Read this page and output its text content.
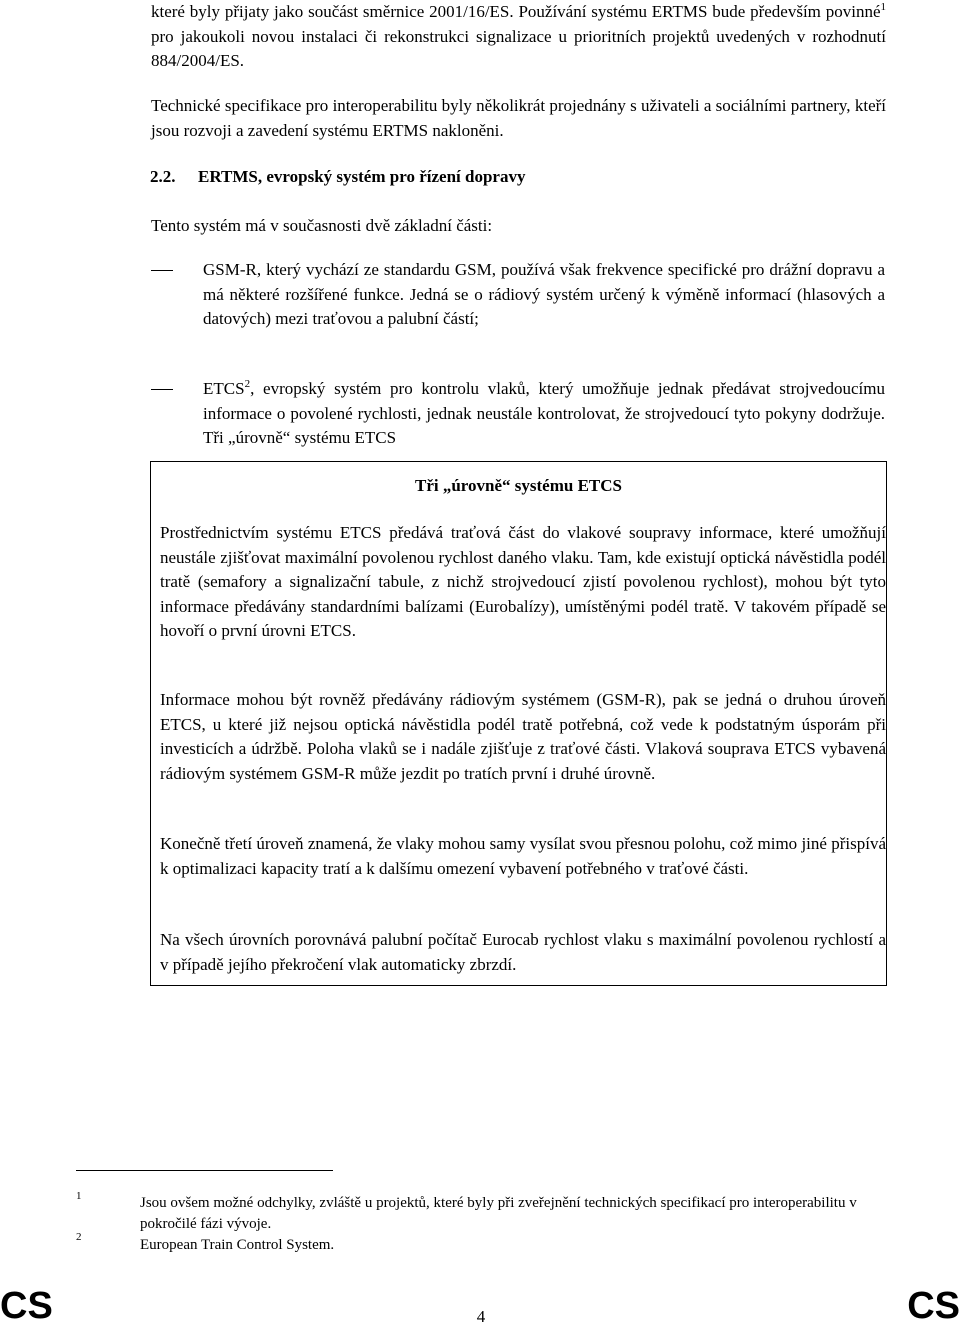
které byly přijaty jako součást směrnice 2001/16/ES. Používání systému ERTMS bude především povinné$^1$ pro jakoukoli novou instalaci či rekonstrukci signalizace u prioritních projektů uvedených v rozhodnutí 884/2004/ES.
Technické specifikace pro interoperabilitu byly několikrát projednány s uživateli a sociálními partnery, kteří jsou rozvoji a zavedení systému ERTMS nakloněni.
2.2. ERTMS, evropský systém pro řízení dopravy
Tento systém má v současnosti dvě základní části:
GSM-R, který vychází ze standardu GSM, používá však frekvence specifické pro drážní dopravu a má některé rozšířené funkce. Jedná se o rádiový systém určený k výměně informací (hlasových a datových) mezi traťovou a palubní částí;
ETCS$^2$, evropský systém pro kontrolu vlaků, který umožňuje jednak předávat strojvedoucímu informace o povolené rychlosti, jednak neustále kontrolovat, že strojvedoucí tyto pokyny dodržuje. Tři „úrovně“ systému ETCS
Tři „úrovně“ systému ETCS
Prostřednictvím systému ETCS předává traťová část do vlakové soupravy informace, které umožňují neustále zjišťovat maximální povolenou rychlost daného vlaku. Tam, kde existují optická návěstidla podél tratě (semafory a signalizační tabule, z nichž strojvedoucí zjistí povolenou rychlost), mohou být tyto informace předávány standardními balízami (Eurobalízy), umístěnými podél tratě. V takovém případě se hovoří o první úrovni ETCS.
Informace mohou být rovněž předávány rádiovým systémem (GSM-R), pak se jedná o druhou úroveň ETCS, u které již nejsou optická návěstidla podél tratě potřebná, což vede k podstatným úsporám při investicích a údržbě. Poloha vlaků se i nadále zjišťuje z traťové části. Vlaková souprava ETCS vybavená rádiovým systémem GSM-R může jezdit po tratích první i druhé úrovně.
Konečně třetí úroveň znamená, že vlaky mohou samy vysílat svou přesnou polohu, což mimo jiné přispívá k optimalizaci kapacity tratí a k dalšímu omezení vybavení potřebného v traťové části.
Na všech úrovních porovnává palubní počítač Eurocab rychlost vlaku s maximální povolenou rychlostí a v případě jejího překročení vlak automaticky zbrzdí.
1	Jsou ovšem možné odchylky, zvláště u projektů, které byly při zveřejnění technických specifikací pro interoperabilitu v pokročilé fázi vývoje.
2	European Train Control System.
CS	4	CS
